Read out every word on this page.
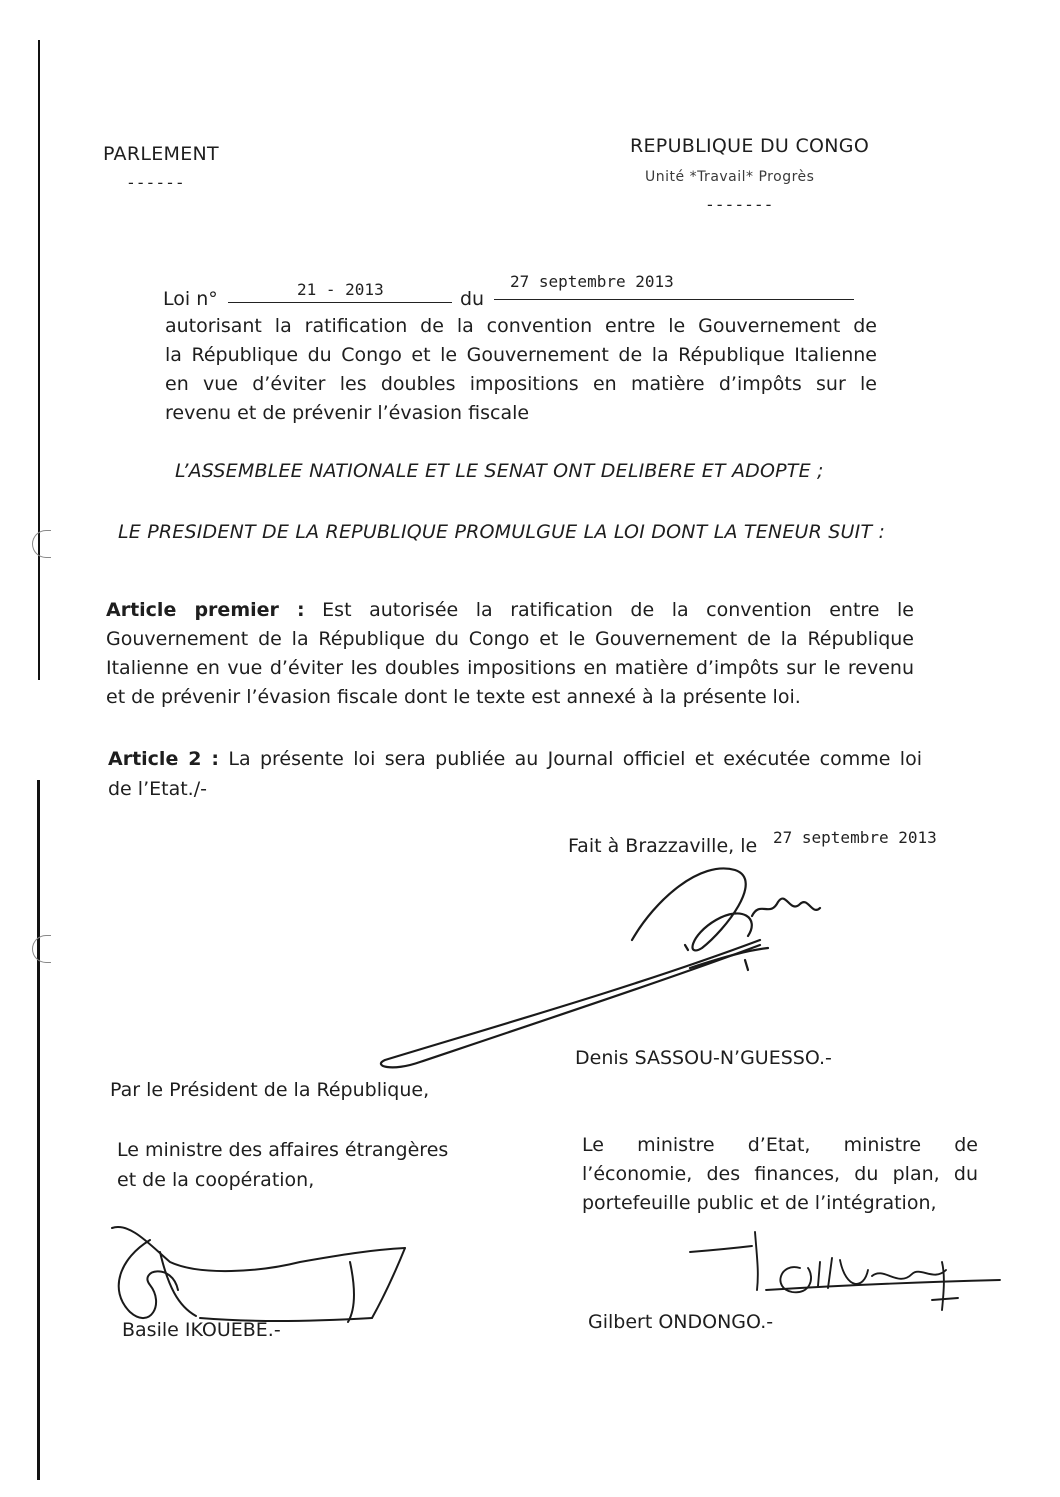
PARLEMENT
------
REPUBLIQUE DU CONGO
Unité *Travail* Progrès
-------
Loi n°	21 - 2013	du
27 septembre 2013
autorisant la ratification de la convention entre le Gouvernement de
la République du Congo et le Gouvernement de la République Italienne
en vue d’éviter les doubles impositions en matière d’impôts sur le
revenu et de prévenir l’évasion fiscale
L’ASSEMBLEE NATIONALE ET LE SENAT ONT DELIBERE ET ADOPTE ;
LE PRESIDENT DE LA REPUBLIQUE PROMULGUE LA LOI DONT LA TENEUR SUIT :
Article premier : Est autorisée la ratification de la convention entre le
Gouvernement de la République du Congo et le Gouvernement de la République
Italienne en vue d’éviter les doubles impositions en matière d’impôts sur le revenu
et de prévenir l’évasion fiscale dont le texte est annexé à la présente loi.
Article 2 : La présente loi sera publiée au Journal officiel et exécutée comme loi
de l’Etat./-
Fait à Brazzaville, le 27 septembre 2013
Denis SASSOU-N’GUESSO.-
Par le Président de la République,
Le ministre des affaires étrangères
et de la coopération,
Le ministre d’Etat, ministre de
l’économie, des finances, du plan, du
portefeuille public et de l’intégration,
Basile IKOUEBE.-	Gilbert ONDONGO.-
